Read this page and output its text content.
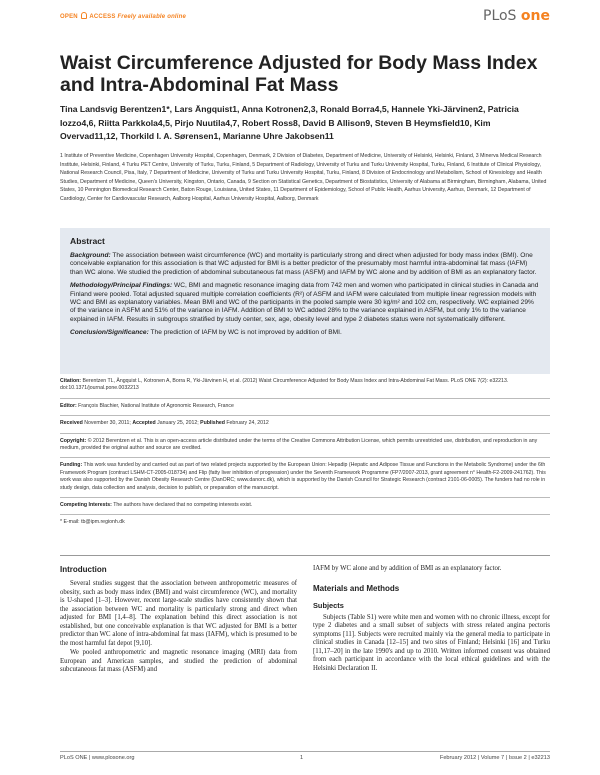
OPEN ACCESS Freely available online	PLoS one
Waist Circumference Adjusted for Body Mass Index and Intra-Abdominal Fat Mass
Tina Landsvig Berentzen1*, Lars Ängquist1, Anna Kotronen2,3, Ronald Borra4,5, Hannele Yki-Järvinen2, Patricia Iozzo4,6, Riitta Parkkola4,5, Pirjo Nuutila4,7, Robert Ross8, David B Allison9, Steven B Heymsfield10, Kim Overvad11,12, Thorkild I. A. Sørensen1, Marianne Uhre Jakobsen11
1 Institute of Preventive Medicine, Copenhagen University Hospital, Copenhagen, Denmark, 2 Division of Diabetes, Department of Medicine, University of Helsinki, Helsinki, Finland, 3 Minerva Medical Research Institute, Helsinki, Finland, 4 Turku PET Centre, University of Turku, Turku, Finland, 5 Department of Radiology, University of Turku and Turku University Hospital, Turku, Finland, 6 Institute of Clinical Physiology, National Research Council, Pisa, Italy, 7 Department of Medicine, University of Turku and Turku University Hospital, Turku, Finland, 8 Division of Endocrinology and Metabolism, School of Kinesiology and Health Studies, Department of Medicine, Queen's University, Kingston, Ontario, Canada, 9 Section on Statistical Genetics, Department of Biostatistics, University of Alabama at Birmingham, Birmingham, Alabama, United States, 10 Pennington Biomedical Research Center, Baton Rouge, Louisiana, United States, 11 Department of Epidemiology, School of Public Health, Aarhus University, Aarhus, Denmark, 12 Department of Cardiology, Center for Cardiovascular Research, Aalborg Hospital, Aarhus University Hospital, Aalborg, Denmark
Abstract

Background: The association between waist circumference (WC) and mortality is particularly strong and direct when adjusted for body mass index (BMI). One conceivable explanation for this association is that WC adjusted for BMI is a better predictor of the presumably most harmful intra-abdominal fat mass (IAFM) than WC alone. We studied the prediction of abdominal subcutaneous fat mass (ASFM) and IAFM by WC alone and by addition of BMI as an explanatory factor.

Methodology/Principal Findings: WC, BMI and magnetic resonance imaging data from 742 men and women who participated in clinical studies in Canada and Finland were pooled. Total adjusted squared multiple correlation coefficients (R²) of ASFM and IAFM were calculated from multiple linear regression models with WC and BMI as explanatory variables. Mean BMI and WC of the participants in the pooled sample were 30 kg/m² and 102 cm, respectively. WC explained 29% of the variance in ASFM and 51% of the variance in IAFM. Addition of BMI to WC added 28% to the variance explained in ASFM, but only 1% to the variance explained in IAFM. Results in subgroups stratified by study center, sex, age, obesity level and type 2 diabetes status were not systematically different.

Conclusion/Significance: The prediction of IAFM by WC is not improved by addition of BMI.

Citation: Berentzen TL, Ängquist L, Kotronen A, Borra R, Yki-Järvinen H, et al. (2012) Waist Circumference Adjusted for Body Mass Index and Intra-Abdominal Fat Mass. PLoS ONE 7(2): e32213. doi:10.1371/journal.pone.0032213

Editor: François Blachier, National Institute of Agronomic Research, France

Received November 30, 2011; Accepted January 25, 2012; Published February 24, 2012

Copyright: © 2012 Berentzen et al. This is an open-access article distributed under the terms of the Creative Commons Attribution License, which permits unrestricted use, distribution, and reproduction in any medium, provided the original author and source are credited.

Funding: This work was funded by and carried out as part of two related projects supported by the European Union: Hepadip (Hepatic and Adipose Tissue and Functions in the Metabolic Syndrome) under the 6th Framework Program (contract LSHM-CT-2005-018734) and Flip (fatty liver inhibition of progression) under the Seventh Framework Programme (FP7/2007-2013, grant agreement n° Health-F2-2009-241762). This work was also supported by the Danish Obesity Research Centre (DanORC; www.danorc.dk), which is supported by the Danish Council for Strategic Research (contract 2101-06-0005). The funders had no role in study design, data collection and analysis, decision to publish, or preparation of the manuscript.

Competing Interests: The authors have declared that no competing interests exist.

* E-mail: tb@ipm.regionh.dk

Introduction

Several studies suggest that the association between anthropometric measures of obesity, such as body mass index (BMI) and waist circumference (WC), and mortality is U-shaped [1–3]. However, recent large-scale studies have consistently shown that the association between WC and mortality is particularly strong and direct when adjusted for BMI [1,4–8]. The explanation behind this direct association is not established, but one conceivable explanation is that WC adjusted for BMI is a better predictor than WC alone of intra-abdominal fat mass (IAFM), which is presumed to be the most harmful fat depot [9,10].

We pooled anthropometric and magnetic resonance imaging (MRI) data from European and American samples, and studied the prediction of abdominal subcutaneous fat mass (ASFM) and

IAFM by WC alone and by addition of BMI as an explanatory factor.

Materials and Methods
Subjects

Subjects (Table S1) were white men and women with no chronic illness, except for type 2 diabetes and a small subset of subjects with stress related angina pectoris symptoms [11]. Subjects were recruited mainly via the general media to participate in clinical studies in Canada [12–15] and two sites of Finland; Helsinki [16] and Turku [11,17–20] in the late 1990's and up to 2010. Written informed consent was obtained from each participant in accordance with the local ethical guidelines and with the Helsinki Declaration II.

PLoS ONE | www.plosone.org	1	February 2012 | Volume 7 | Issue 2 | e32213
